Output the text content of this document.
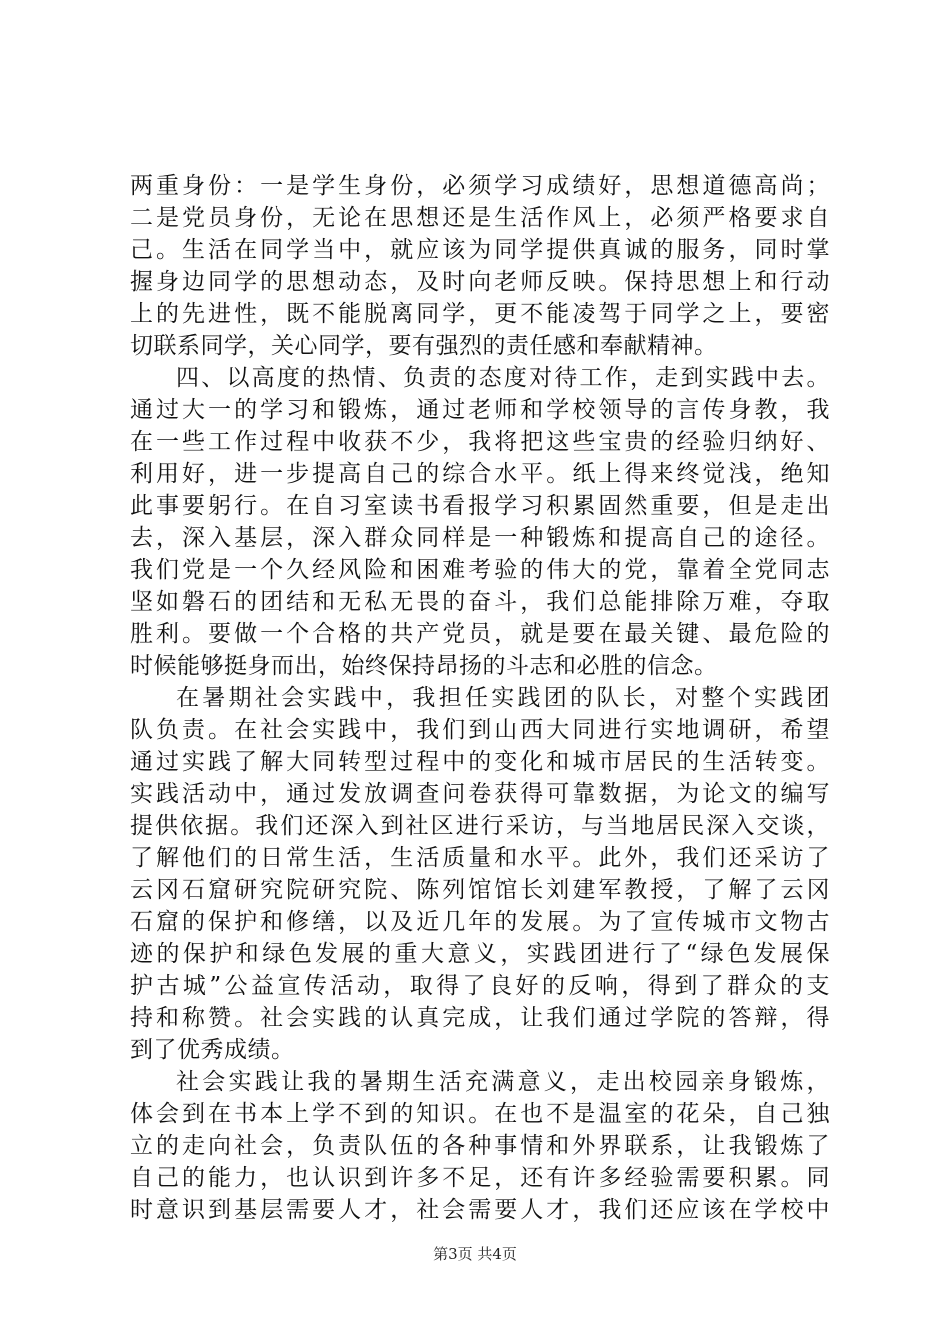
两重身份：一是学生身份，必须学习成绩好，思想道德高尚；
二是党员身份，无论在思想还是生活作风上，必须严格要求自
己。生活在同学当中，就应该为同学提供真诚的服务，同时掌
握身边同学的思想动态，及时向老师反映。保持思想上和行动
上的先进性，既不能脱离同学，更不能凌驾于同学之上，要密
切联系同学，关心同学，要有强烈的责任感和奉献精神。
四、以高度的热情、负责的态度对待工作，走到实践中去。
通过大一的学习和锻炼，通过老师和学校领导的言传身教，我
在一些工作过程中收获不少，我将把这些宝贵的经验归纳好、
利用好，进一步提高自己的综合水平。纸上得来终觉浅，绝知
此事要躬行。在自习室读书看报学习积累固然重要，但是走出
去，深入基层，深入群众同样是一种锻炼和提高自己的途径。
我们党是一个久经风险和困难考验的伟大的党，靠着全党同志
坚如磐石的团结和无私无畏的奋斗，我们总能排除万难，夺取
胜利。要做一个合格的共产党员，就是要在最关键、最危险的
时候能够挺身而出，始终保持昂扬的斗志和必胜的信念。
在暑期社会实践中，我担任实践团的队长，对整个实践团
队负责。在社会实践中，我们到山西大同进行实地调研，希望
通过实践了解大同转型过程中的变化和城市居民的生活转变。
实践活动中，通过发放调查问卷获得可靠数据，为论文的编写
提供依据。我们还深入到社区进行采访，与当地居民深入交谈，
了解他们的日常生活，生活质量和水平。此外，我们还采访了
云冈石窟研究院研究院、陈列馆馆长刘建军教授，了解了云冈
石窟的保护和修缮，以及近几年的发展。为了宣传城市文物古
迹的保护和绿色发展的重大意义，实践团进行了“绿色发展保
护古城”公益宣传活动，取得了良好的反响，得到了群众的支
持和称赞。社会实践的认真完成，让我们通过学院的答辩，得
到了优秀成绩。
社会实践让我的暑期生活充满意义，走出校园亲身锻炼，
体会到在书本上学不到的知识。在也不是温室的花朵，自己独
立的走向社会，负责队伍的各种事情和外界联系，让我锻炼了
自己的能力，也认识到许多不足，还有许多经验需要积累。同
时意识到基层需要人才，社会需要人才，我们还应该在学校中
第3页 共4页
